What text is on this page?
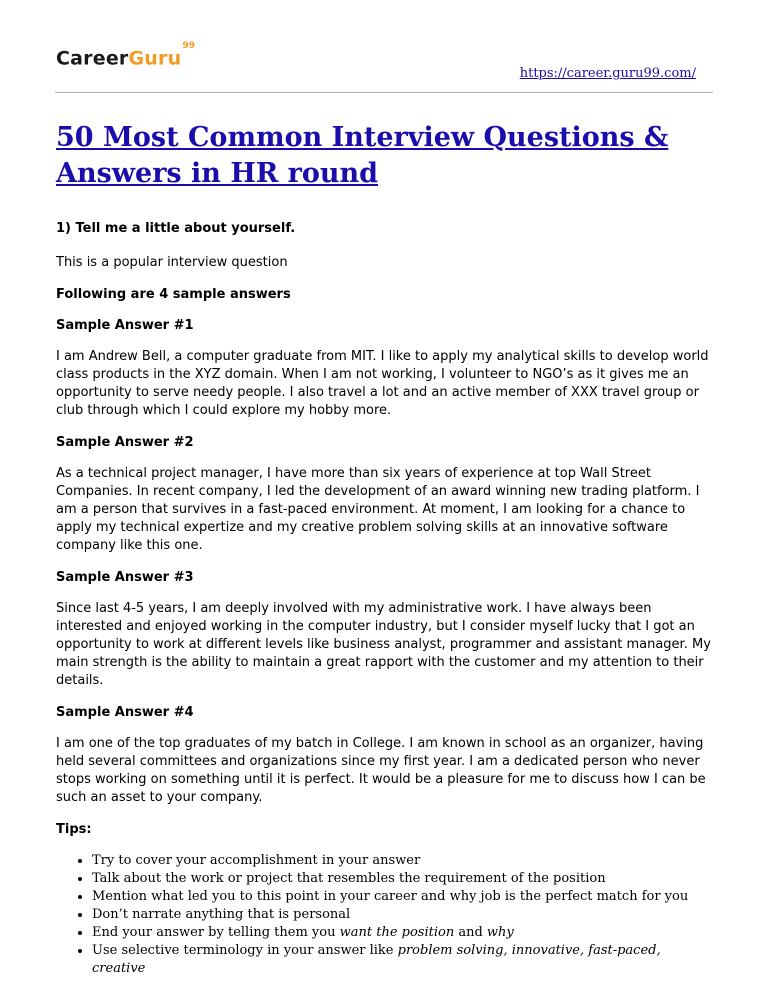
CareerGuru$^{99}$
https://career.guru99.com/
50 Most Common Interview Questions & Answers in HR round
1) Tell me a little about yourself.

This is a popular interview question

Following are 4 sample answers
Sample Answer #1

I am Andrew Bell, a computer graduate from MIT. I like to apply my analytical skills to develop world class products in the XYZ domain. When I am not working, I volunteer to NGO’s as it gives me an opportunity to serve needy people. I also travel a lot and an active member of XXX travel group or club through which I could explore my hobby more.

Sample Answer #2

As a technical project manager, I have more than six years of experience at top Wall Street Companies. In recent company, I led the development of an award winning new trading platform. I am a person that survives in a fast-paced environment. At moment, I am looking for a chance to apply my technical expertize and my creative problem solving skills at an innovative software company like this one.

Sample Answer #3

Since last 4-5 years, I am deeply involved with my administrative work. I have always been interested and enjoyed working in the computer industry, but I consider myself lucky that I got an opportunity to work at different levels like business analyst, programmer and assistant manager. My main strength is the ability to maintain a great rapport with the customer and my attention to their details.

Sample Answer #4

I am one of the top graduates of my batch in College. I am known in school as an organizer, having held several committees and organizations since my first year. I am a dedicated person who never stops working on something until it is perfect. It would be a pleasure for me to discuss how I can be such an asset to your company.

Tips:
• Try to cover your accomplishment in your answer
• Talk about the work or project that resembles the requirement of the position
• Mention what led you to this point in your career and why job is the perfect match for you
• Don’t narrate anything that is personal
• End your answer by telling them you want the position and why
• Use selective terminology in your answer like problem solving, innovative, fast-paced, creative
